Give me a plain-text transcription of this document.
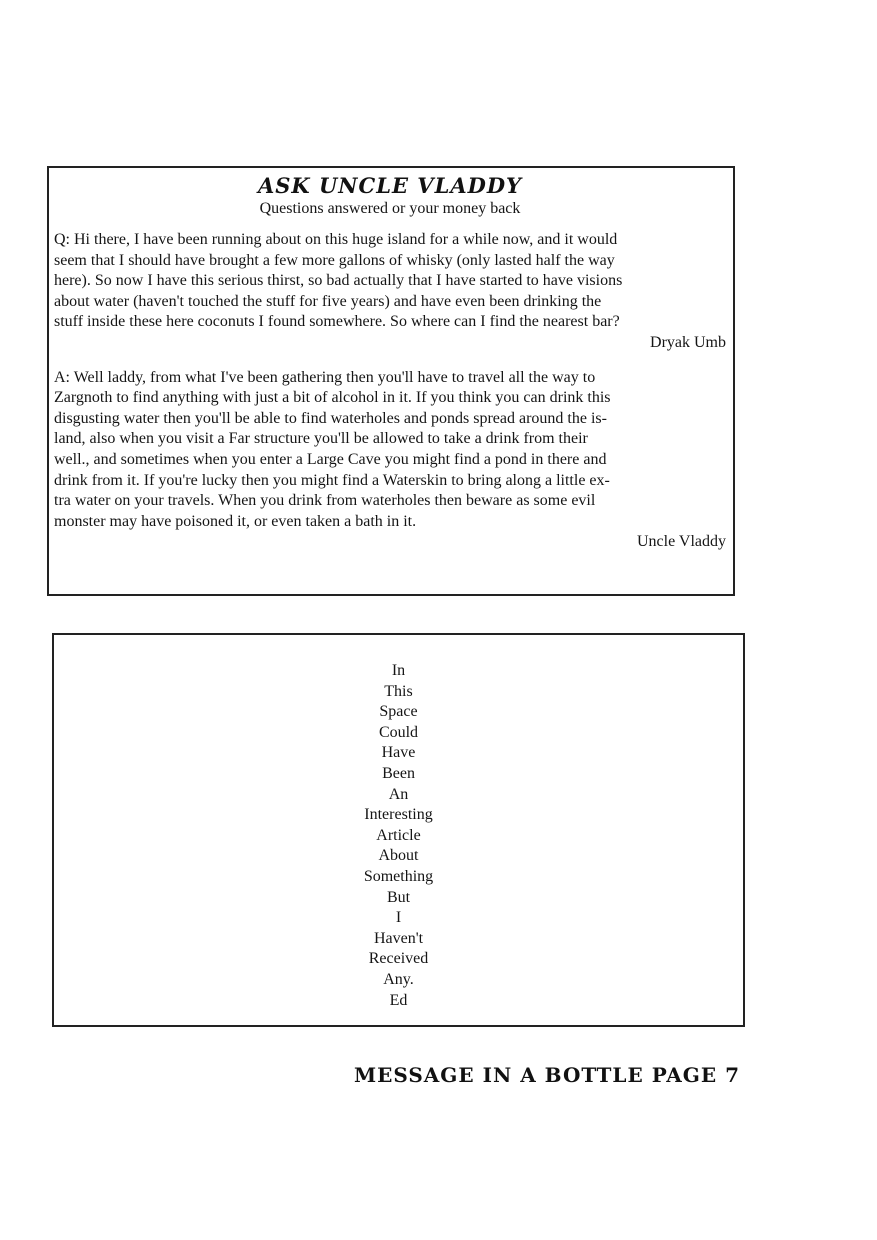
ASK UNCLE VLADDY

Questions answered or your money back

Q: Hi there, I have been running about on this huge island for a while now, and it would
seem that I should have brought a few more gallons of whisky (only lasted half the way
here). So now I have this serious thirst, so bad actually that I have started to have visions
about water (haven't touched the stuff for five years) and have even been drinking the
stuff inside these here coconuts I found somewhere. So where can I find the nearest bar?

Dryak Umb

A: Well laddy, from what I've been gathering then you'll have to travel all the way to
Zargnoth to find anything with just a bit of alcohol in it. If you think you can drink this
disgusting water then you'll be able to find waterholes and ponds spread around the is-
land, also when you visit a Far structure you'll be allowed to take a drink from their
well., and sometimes when you enter a Large Cave you might find a pond in there and
drink from it. If you're lucky then you might find a Waterskin to bring along a little ex-
tra water on your travels. When you drink from waterholes then beware as some evil
monster may have poisoned it, or even taken a bath in it.

Uncle Vladdy

In
This
Space
Could
Have
Been
An
Interesting
Article
About
Something
But
I
Haven't
Received
Any.
Ed
MESSAGE IN A BOTTLE PAGE 7
